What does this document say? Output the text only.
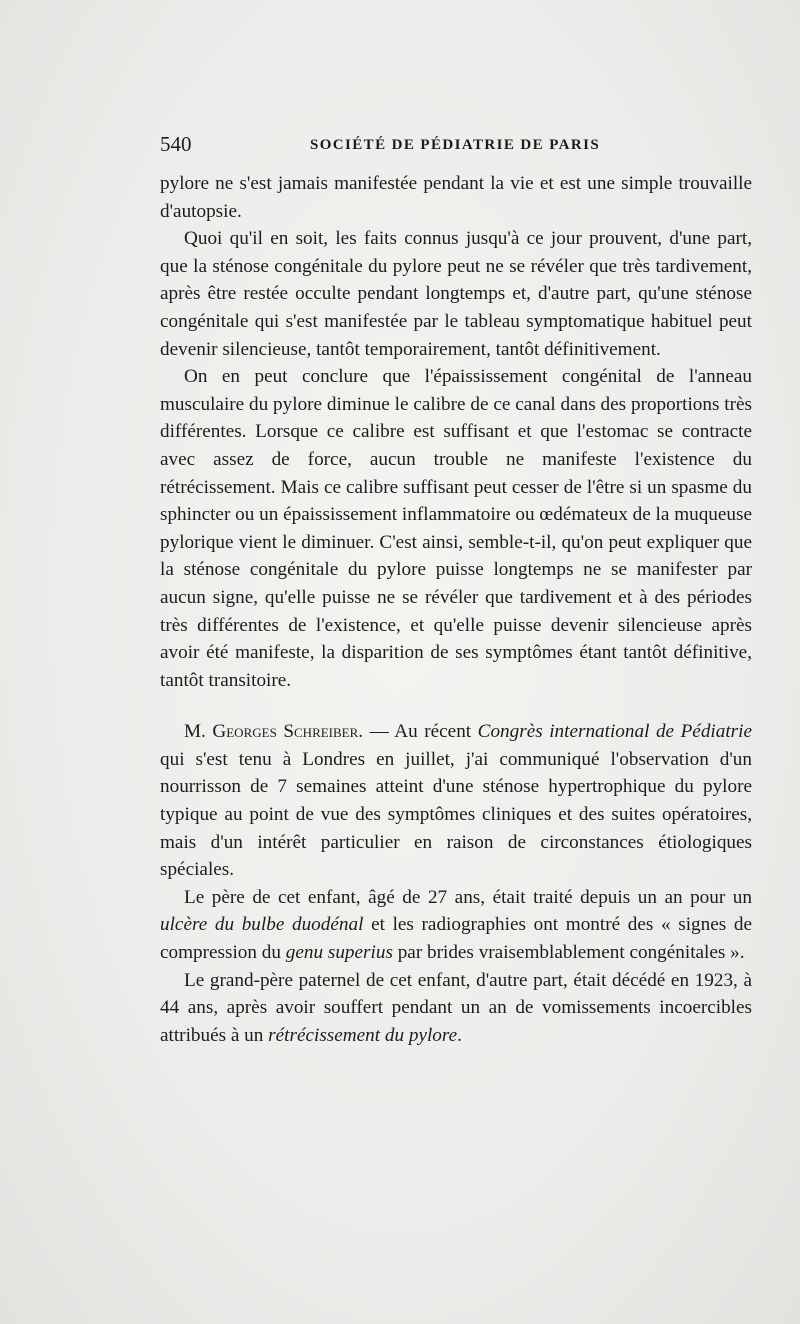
540	SOCIÉTÉ DE PÉDIATRIE DE PARIS

pylore ne s'est jamais manifestée pendant la vie et est une simple trouvaille d'autopsie.

Quoi qu'il en soit, les faits connus jusqu'à ce jour prouvent, d'une part, que la sténose congénitale du pylore peut ne se révéler que très tardivement, après être restée occulte pendant longtemps et, d'autre part, qu'une sténose congénitale qui s'est manifestée par le tableau symptomatique habituel peut devenir silencieuse, tantôt temporairement, tantôt définitivement.

On en peut conclure que l'épaississement congénital de l'anneau musculaire du pylore diminue le calibre de ce canal dans des proportions très différentes. Lorsque ce calibre est suffisant et que l'estomac se contracte avec assez de force, aucun trouble ne manifeste l'existence du rétrécissement. Mais ce calibre suffisant peut cesser de l'être si un spasme du sphincter ou un épaississement inflammatoire ou œdémateux de la muqueuse pylorique vient le diminuer. C'est ainsi, semble-t-il, qu'on peut expliquer que la sténose congénitale du pylore puisse longtemps ne se manifester par aucun signe, qu'elle puisse ne se révéler que tardivement et à des périodes très différentes de l'existence, et qu'elle puisse devenir silencieuse après avoir été manifeste, la disparition de ses symptômes étant tantôt définitive, tantôt transitoire.

M. Georges Schreiber. — Au récent Congrès international de Pédiatrie qui s'est tenu à Londres en juillet, j'ai communiqué l'observation d'un nourrisson de 7 semaines atteint d'une sténose hypertrophique du pylore typique au point de vue des symptômes cliniques et des suites opératoires, mais d'un intérêt particulier en raison de circonstances étiologiques spéciales.

Le père de cet enfant, âgé de 27 ans, était traité depuis un an pour un ulcère du bulbe duodénal et les radiographies ont montré des « signes de compression du genu superius par brides vraisemblablement congénitales ».

Le grand-père paternel de cet enfant, d'autre part, était décédé en 1923, à 44 ans, après avoir souffert pendant un an de vomissements incoercibles attribués à un rétrécissement du pylore.
